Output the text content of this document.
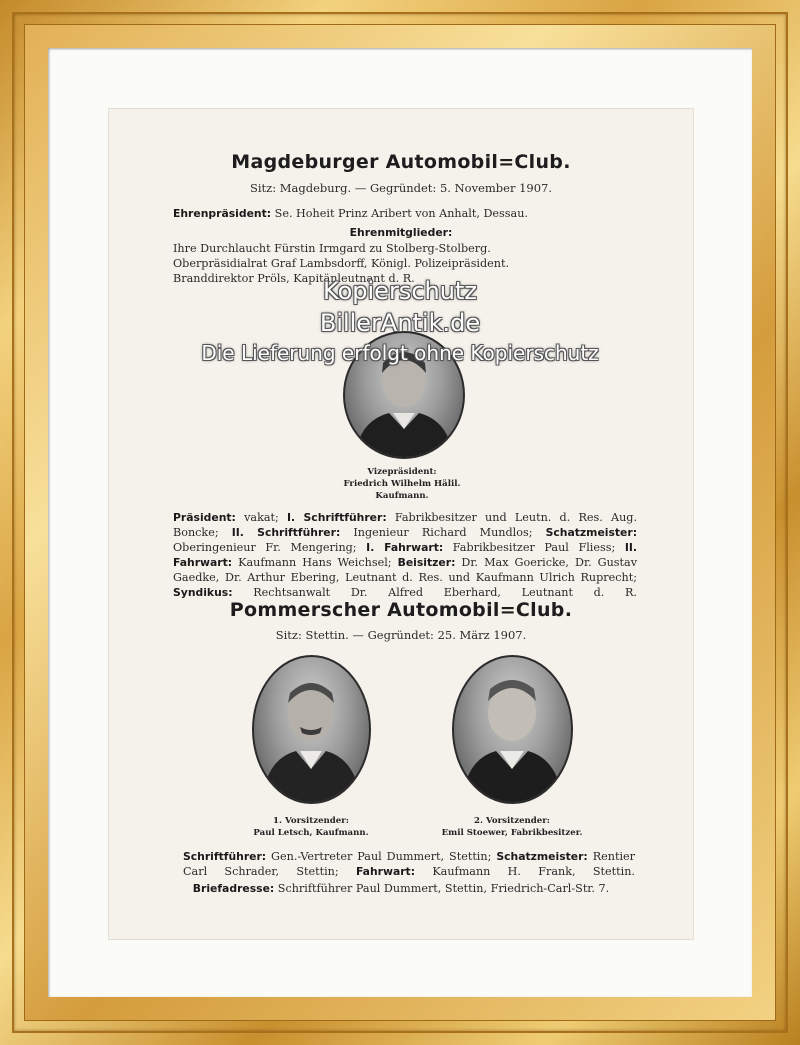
Magdeburger Automobil=Club.
Sitz: Magdeburg. — Gegründet: 5. November 1907.
Ehrenpräsident: Se. Hoheit Prinz Aribert von Anhalt, Dessau.
Ehrenmitglieder:
Ihre Durchlaucht Fürstin Irmgard zu Stolberg-Stolberg.
Oberpräsidialrat Graf Lambsdorff, Königl. Polizeipräsident.
Branddirektor Pröls, Kapitänleutnant d. R.
Vizepräsident:
Friedrich Wilhelm Hälil.
Kaufmann.
Präsident: vakat; I. Schriftführer: Fabrikbesitzer und Leutn. d. Res. Aug. Boncke; II. Schriftführer: Ingenieur Richard Mundlos; Schatzmeister: Oberingenieur Fr. Mengering; I. Fahrwart: Fabrikbesitzer Paul Fliess; II. Fahrwart: Kaufmann Hans Weichsel; Beisitzer: Dr. Max Goericke, Dr. Gustav Gaedke, Dr. Arthur Ebering, Leutnant d. Res. und Kaufmann Ulrich Ruprecht; Syndikus: Rechtsanwalt Dr. Alfred Eberhard, Leutnant d. R.
Pommerscher Automobil=Club.
Sitz: Stettin. — Gegründet: 25. März 1907.
1. Vorsitzender:
Paul Letsch, Kaufmann.
2. Vorsitzender:
Emil Stoewer, Fabrikbesitzer.
Schriftführer: Gen.-Vertreter Paul Dummert, Stettin; Schatzmeister: Rentier Carl Schrader, Stettin; Fahrwart: Kaufmann H. Frank, Stettin.
Briefadresse: Schriftführer Paul Dummert, Stettin, Friedrich-Carl-Str. 7.
Kopierschutz
BillerAntik.de
Die Lieferung erfolgt ohne Kopierschutz
